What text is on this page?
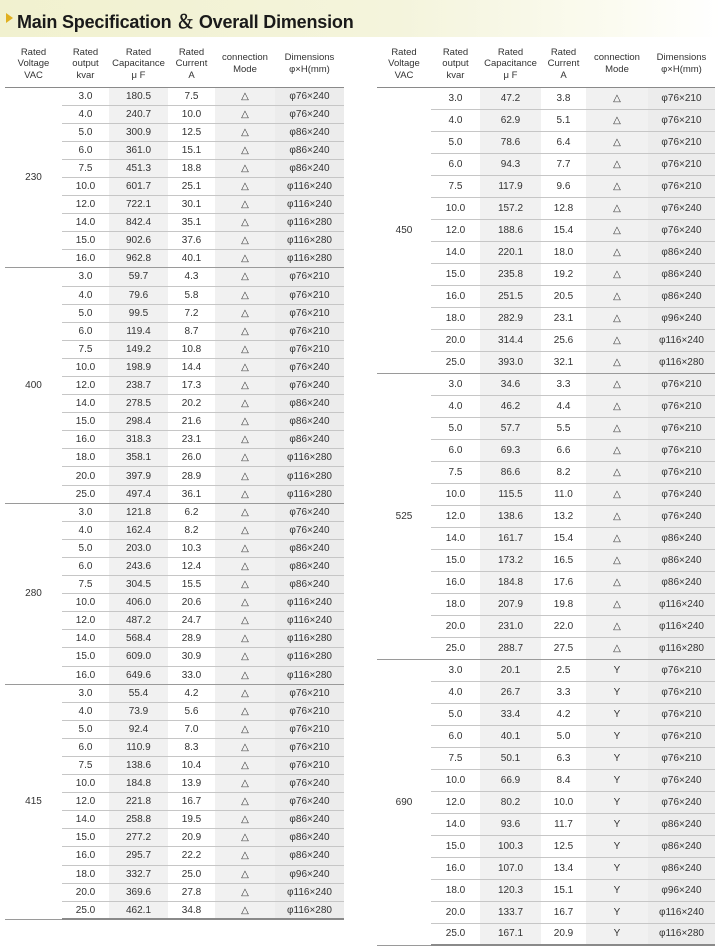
Main Specification ＆ Overall Dimension
Rated
Voltage
VAC	Rated
output
kvar	Rated
Capacitance
μ F	Rated
Current
A	connection
Mode	Dimensions
φ×H(mm)
230	3.0	180.5	7.5	△	φ76×240
	4.0	240.7	10.0	△	φ76×240
	5.0	300.9	12.5	△	φ86×240
	6.0	361.0	15.1	△	φ86×240
	7.5	451.3	18.8	△	φ86×240
	10.0	601.7	25.1	△	φ116×240
	12.0	722.1	30.1	△	φ116×240
	14.0	842.4	35.1	△	φ116×280
	15.0	902.6	37.6	△	φ116×280
	16.0	962.8	40.1	△	φ116×280
400	3.0	59.7	4.3	△	φ76×210
	4.0	79.6	5.8	△	φ76×210
	5.0	99.5	7.2	△	φ76×210
	6.0	119.4	8.7	△	φ76×210
	7.5	149.2	10.8	△	φ76×210
	10.0	198.9	14.4	△	φ76×240
	12.0	238.7	17.3	△	φ76×240
	14.0	278.5	20.2	△	φ86×240
	15.0	298.4	21.6	△	φ86×240
	16.0	318.3	23.1	△	φ86×240
	18.0	358.1	26.0	△	φ116×280
	20.0	397.9	28.9	△	φ116×280
	25.0	497.4	36.1	△	φ116×280
280	3.0	121.8	6.2	△	φ76×240
	4.0	162.4	8.2	△	φ76×240
	5.0	203.0	10.3	△	φ86×240
	6.0	243.6	12.4	△	φ86×240
	7.5	304.5	15.5	△	φ86×240
	10.0	406.0	20.6	△	φ116×240
	12.0	487.2	24.7	△	φ116×240
	14.0	568.4	28.9	△	φ116×280
	15.0	609.0	30.9	△	φ116×280
	16.0	649.6	33.0	△	φ116×280
415	3.0	55.4	4.2	△	φ76×210
	4.0	73.9	5.6	△	φ76×210
	5.0	92.4	7.0	△	φ76×210
	6.0	110.9	8.3	△	φ76×210
	7.5	138.6	10.4	△	φ76×210
	10.0	184.8	13.9	△	φ76×240
	12.0	221.8	16.7	△	φ76×240
	14.0	258.8	19.5	△	φ86×240
	15.0	277.2	20.9	△	φ86×240
	16.0	295.7	22.2	△	φ86×240
	18.0	332.7	25.0	△	φ96×240
	20.0	369.6	27.8	△	φ116×240
	25.0	462.1	34.8	△	φ116×280
Rated
Voltage
VAC	Rated
output
kvar	Rated
Capacitance
μ F	Rated
Current
A	connection
Mode	Dimensions
φ×H(mm)
450	3.0	47.2	3.8	△	φ76×210
	4.0	62.9	5.1	△	φ76×210
	5.0	78.6	6.4	△	φ76×210
	6.0	94.3	7.7	△	φ76×210
	7.5	117.9	9.6	△	φ76×210
	10.0	157.2	12.8	△	φ76×240
	12.0	188.6	15.4	△	φ76×240
	14.0	220.1	18.0	△	φ86×240
	15.0	235.8	19.2	△	φ86×240
	16.0	251.5	20.5	△	φ86×240
	18.0	282.9	23.1	△	φ96×240
	20.0	314.4	25.6	△	φ116×240
	25.0	393.0	32.1	△	φ116×280
525	3.0	34.6	3.3	△	φ76×210
	4.0	46.2	4.4	△	φ76×210
	5.0	57.7	5.5	△	φ76×210
	6.0	69.3	6.6	△	φ76×210
	7.5	86.6	8.2	△	φ76×210
	10.0	115.5	11.0	△	φ76×240
	12.0	138.6	13.2	△	φ76×240
	14.0	161.7	15.4	△	φ86×240
	15.0	173.2	16.5	△	φ86×240
	16.0	184.8	17.6	△	φ86×240
	18.0	207.9	19.8	△	φ116×240
	20.0	231.0	22.0	△	φ116×240
	25.0	288.7	27.5	△	φ116×280
690	3.0	20.1	2.5	Y	φ76×210
	4.0	26.7	3.3	Y	φ76×210
	5.0	33.4	4.2	Y	φ76×210
	6.0	40.1	5.0	Y	φ76×210
	7.5	50.1	6.3	Y	φ76×210
	10.0	66.9	8.4	Y	φ76×240
	12.0	80.2	10.0	Y	φ76×240
	14.0	93.6	11.7	Y	φ86×240
	15.0	100.3	12.5	Y	φ86×240
	16.0	107.0	13.4	Y	φ86×240
	18.0	120.3	15.1	Y	φ96×240
	20.0	133.7	16.7	Y	φ116×240
	25.0	167.1	20.9	Y	φ116×280
